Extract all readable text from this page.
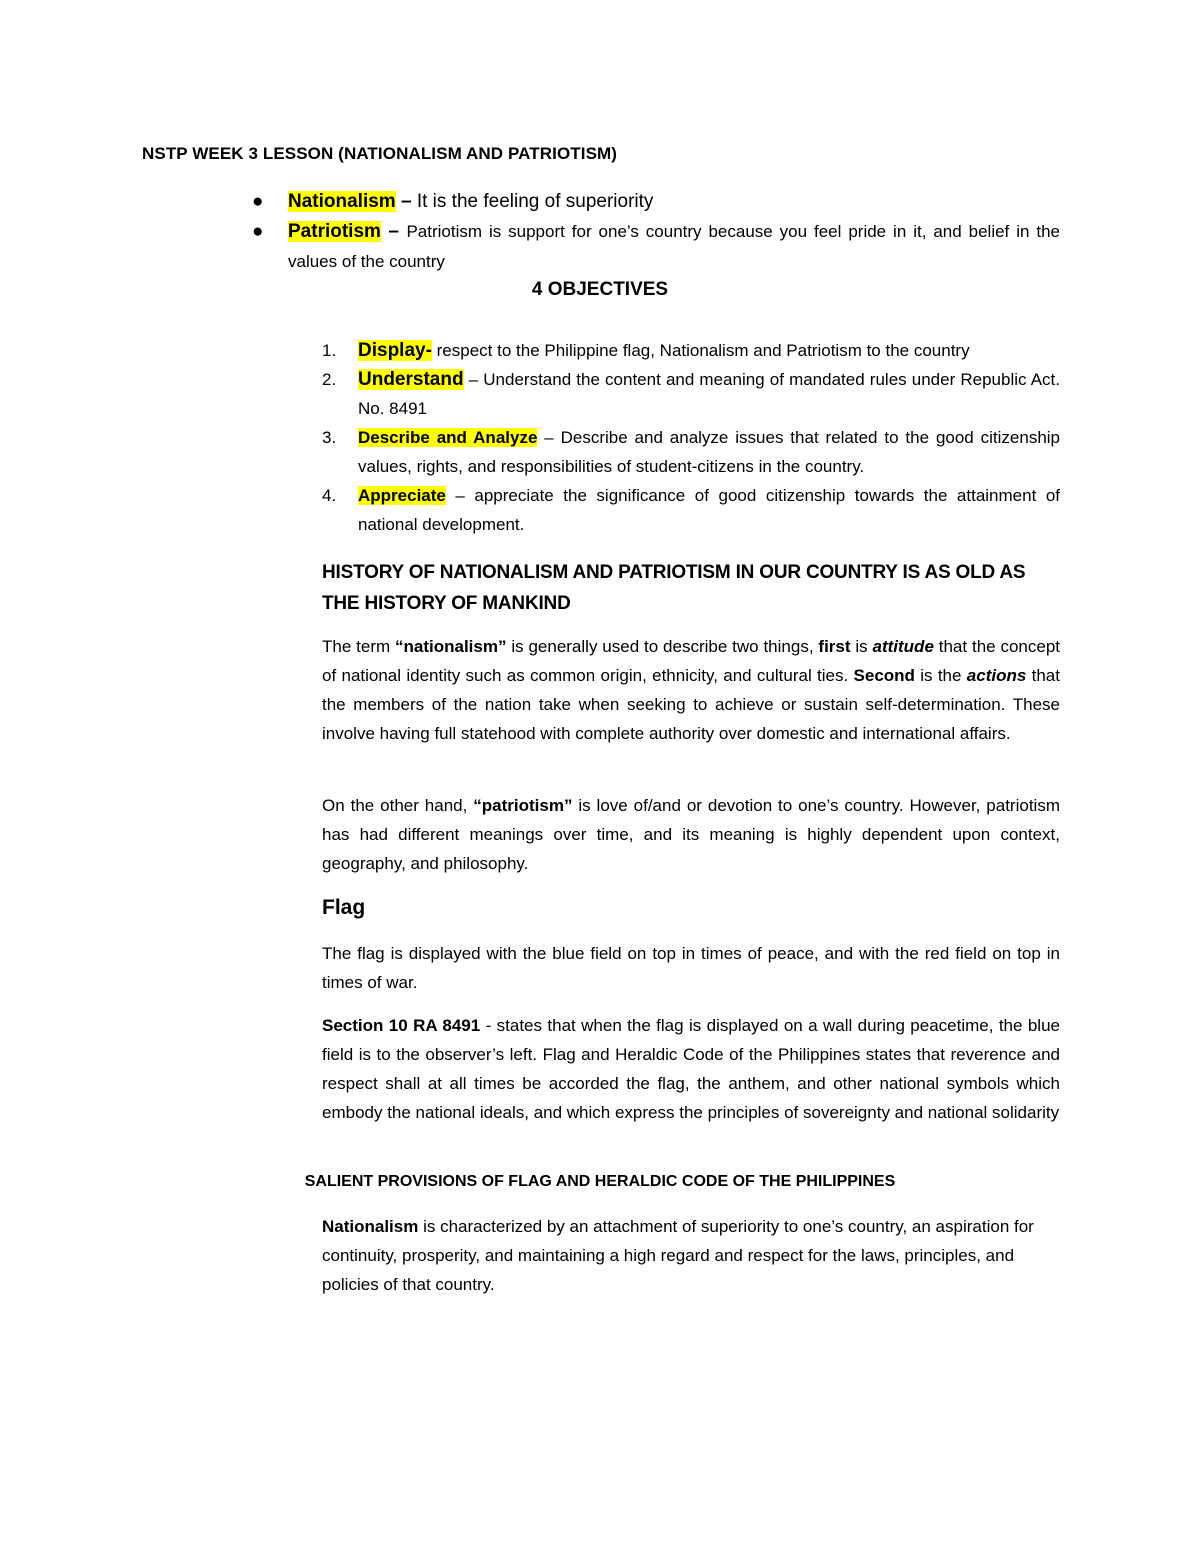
NSTP WEEK 3 LESSON (NATIONALISM AND PATRIOTISM)
● Nationalism – It is the feeling of superiority
● Patriotism – Patriotism is support for one’s country because you feel pride in it, and belief in the values of the country
4 OBJECTIVES
1. Display- respect to the Philippine flag, Nationalism and Patriotism to the country
2. Understand – Understand the content and meaning of mandated rules under Republic Act. No. 8491
3. Describe and Analyze – Describe and analyze issues that related to the good citizenship values, rights, and responsibilities of student-citizens in the country.
4. Appreciate – appreciate the significance of good citizenship towards the attainment of national development.
HISTORY OF NATIONALISM AND PATRIOTISM IN OUR COUNTRY IS AS OLD AS THE HISTORY OF MANKIND
The term “nationalism” is generally used to describe two things, first is attitude that the concept of national identity such as common origin, ethnicity, and cultural ties. Second is the actions that the members of the nation take when seeking to achieve or sustain self-determination. These involve having full statehood with complete authority over domestic and international affairs.
On the other hand, “patriotism” is love of/and or devotion to one’s country. However, patriotism has had different meanings over time, and its meaning is highly dependent upon context, geography, and philosophy.
Flag
The flag is displayed with the blue field on top in times of peace, and with the red field on top in times of war.
Section 10 RA 8491 - states that when the flag is displayed on a wall during peacetime, the blue field is to the observer’s left. Flag and Heraldic Code of the Philippines states that reverence and respect shall at all times be accorded the flag, the anthem, and other national symbols which embody the national ideals, and which express the principles of sovereignty and national solidarity
SALIENT PROVISIONS OF FLAG AND HERALDIC CODE OF THE PHILIPPINES
Nationalism is characterized by an attachment of superiority to one’s country, an aspiration for continuity, prosperity, and maintaining a high regard and respect for the laws, principles, and policies of that country.
